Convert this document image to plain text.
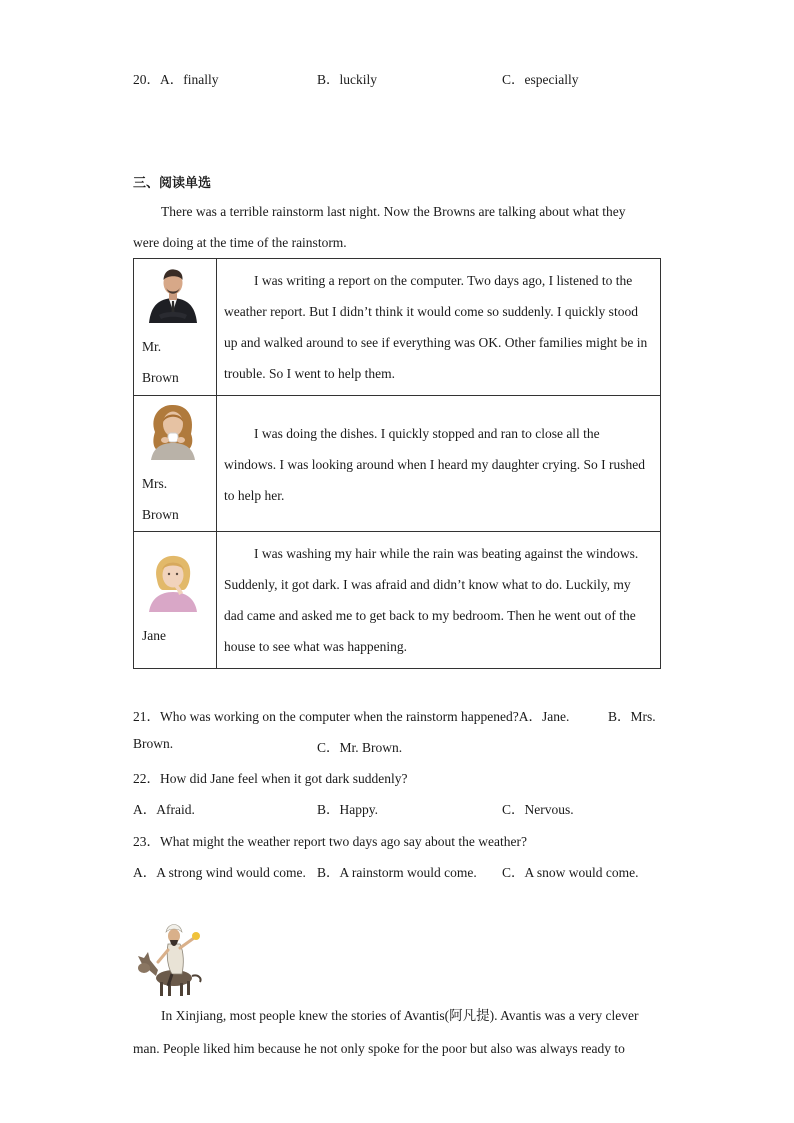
20． A．finally	B．luckily	C．especially
三、阅读单选
There was a terrible rainstorm last night. Now the Browns are talking about what they
were doing at the time of the rainstorm.
Mr.
Brown	I was writing a report on the computer. Two days ago, I listened to the weather report. But I didn’t think it would come so suddenly. I quickly stood up and walked around to see if everything was OK. Other families might be in trouble. So I went to help them.

Mrs.
Brown	I was doing the dishes. I quickly stopped and ran to close all the windows. I was looking around when I heard my daughter crying. So I rushed to help her.

Jane	I was washing my hair while the rain was beating against the windows. Suddenly, it got dark. I was afraid and didn’t know what to do. Luckily, my dad came and asked me to get back to my bedroom. Then he went out of the house to see what was happening.
21．Who was working on the computer when the rainstorm happened?A．Jane.	B．Mrs.
Brown.	C．Mr. Brown.
22．How did Jane feel when it got dark suddenly?
A．Afraid.	B．Happy.	C．Nervous.
23．What might the weather report two days ago say about the weather?
A．A strong wind would come. B．A rainstorm would come. C．A snow would come.
In Xinjiang, most people knew the stories of Avantis(阿凡提). Avantis was a very clever
man. People liked him because he not only spoke for the poor but also was always ready to
